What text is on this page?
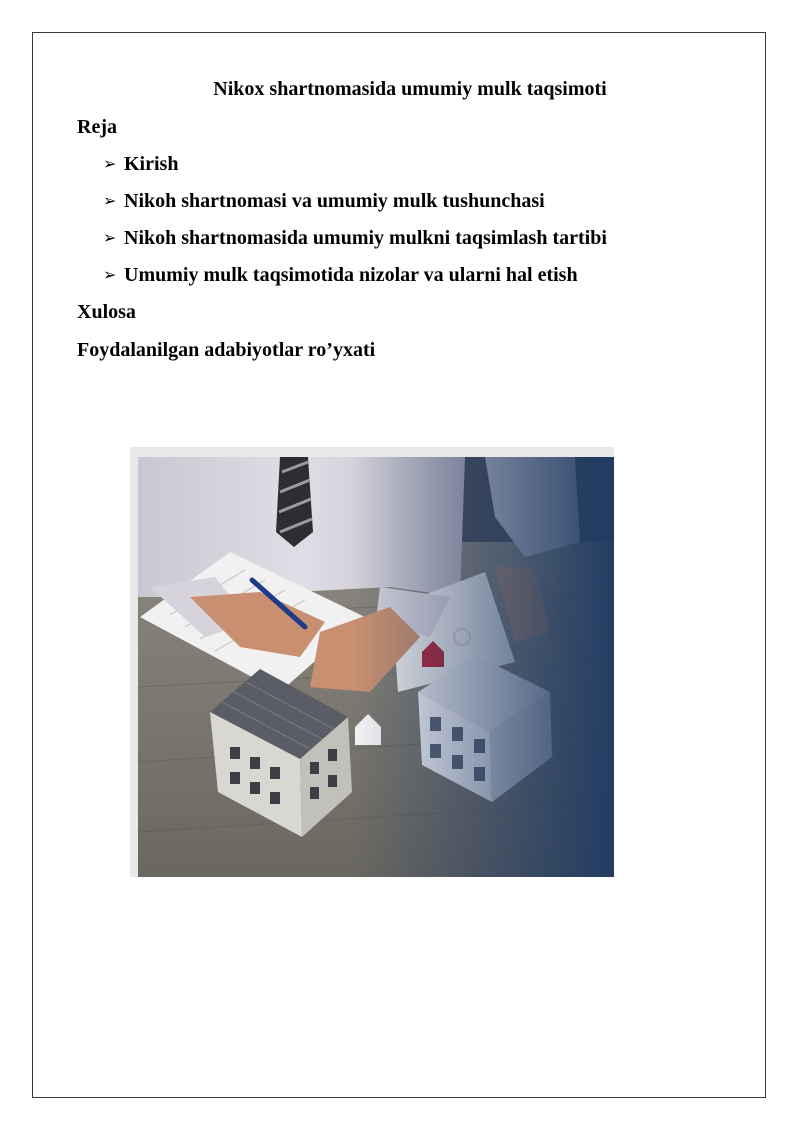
Nikox shartnomasida umumiy mulk taqsimoti
Reja
➢ Kirish
➢ Nikoh shartnomasi va umumiy mulk tushunchasi
➢ Nikoh shartnomasida umumiy mulkni taqsimlash tartibi
➢ Umumiy mulk taqsimotida nizolar va ularni hal etish
Xulosa
Foydalanilgan adabiyotlar ro’yxati
